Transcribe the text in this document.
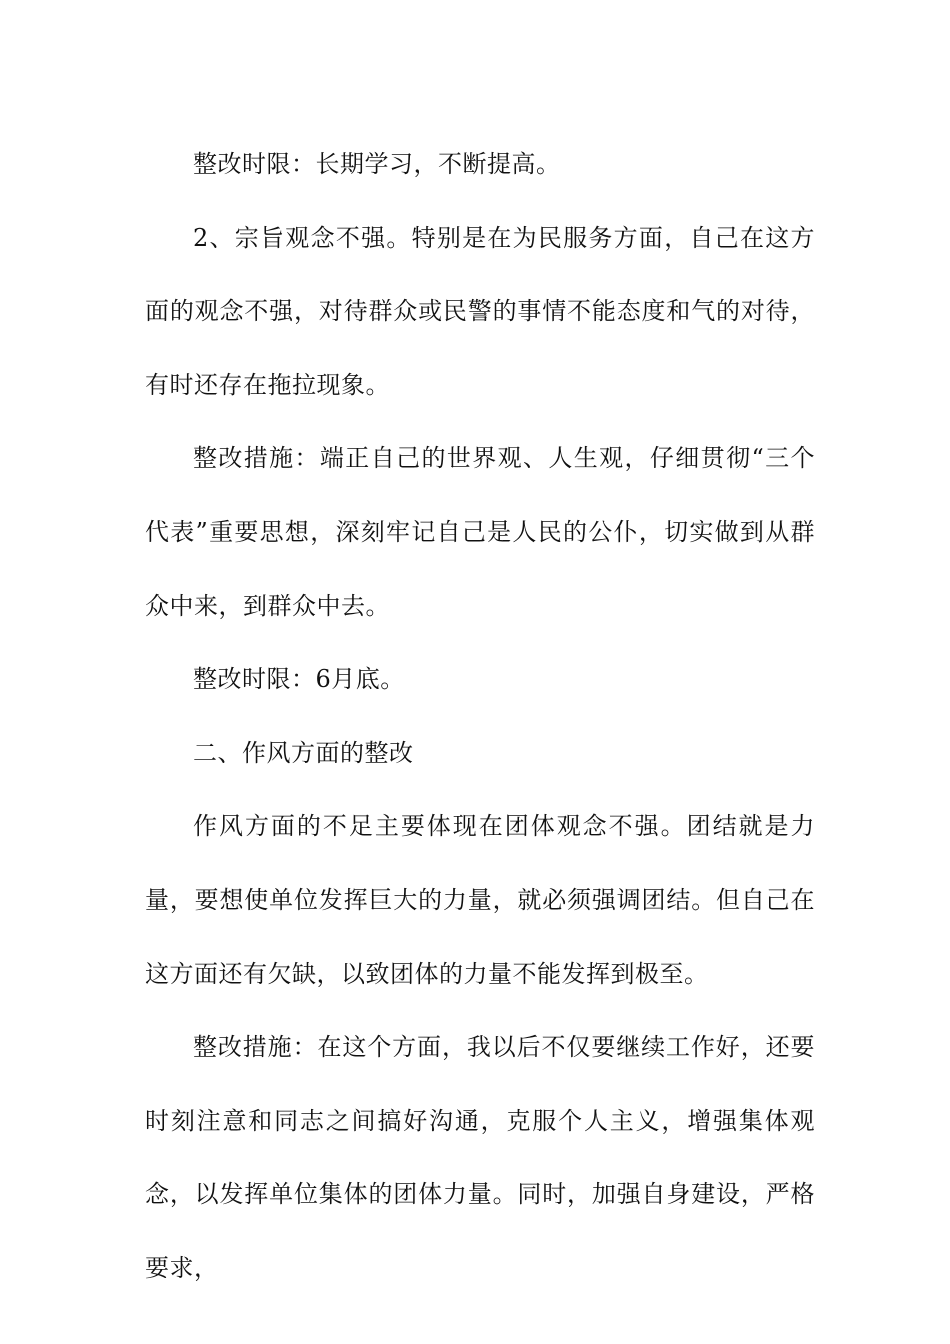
整改时限：长期学习，不断提高。

2、宗旨观念不强。特别是在为民服务方面，自己在这方面的观念不强，对待群众或民警的事情不能态度和气的对待，有时还存在拖拉现象。

整改措施：端正自己的世界观、人生观，仔细贯彻“三个代表”重要思想，深刻牢记自己是人民的公仆，切实做到从群众中来，到群众中去。

整改时限：6月底。

二、作风方面的整改

作风方面的不足主要体现在团体观念不强。团结就是力量，要想使单位发挥巨大的力量，就必须强调团结。但自己在这方面还有欠缺，以致团体的力量不能发挥到极至。

整改措施：在这个方面，我以后不仅要继续工作好，还要时刻注意和同志之间搞好沟通，克服个人主义，增强集体观念，以发挥单位集体的团体力量。同时，加强自身建设，严格要求，
